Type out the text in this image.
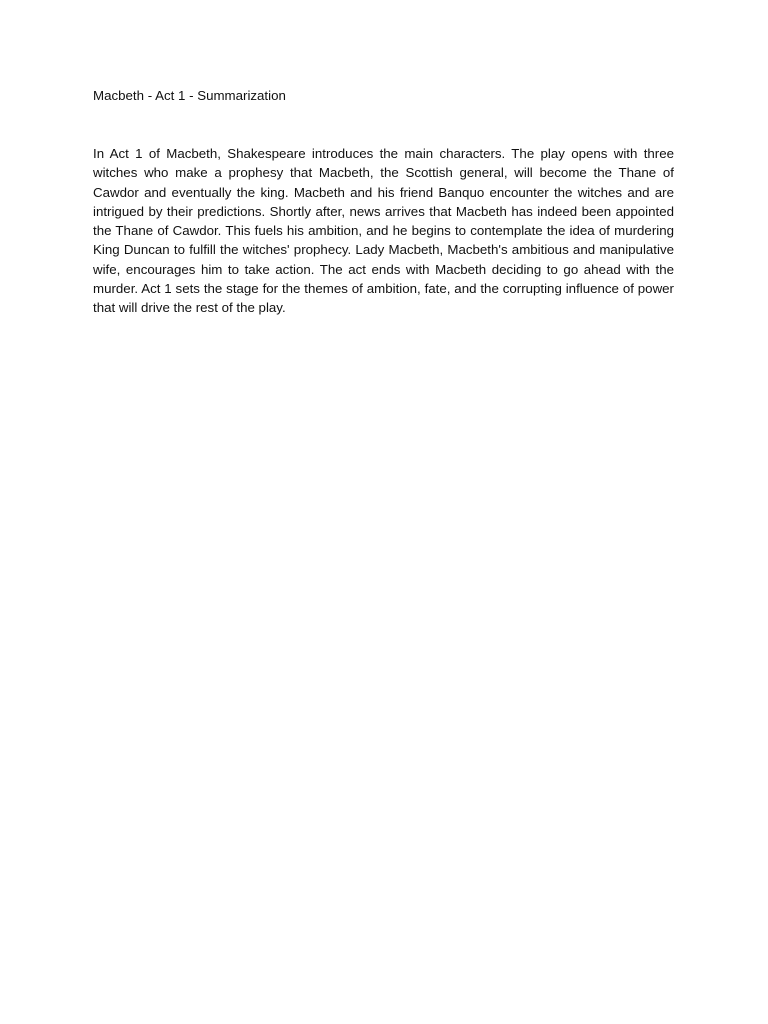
Macbeth - Act 1 - Summarization

In Act 1 of Macbeth, Shakespeare introduces the main characters. The play opens with three witches who make a prophesy that Macbeth, the Scottish general, will become the Thane of Cawdor and eventually the king. Macbeth and his friend Banquo encounter the witches and are intrigued by their predictions. Shortly after, news arrives that Macbeth has indeed been appointed the Thane of Cawdor. This fuels his ambition, and he begins to contemplate the idea of murdering King Duncan to fulfill the witches' prophecy. Lady Macbeth, Macbeth's ambitious and manipulative wife, encourages him to take action. The act ends with Macbeth deciding to go ahead with the murder. Act 1 sets the stage for the themes of ambition, fate, and the corrupting influence of power that will drive the rest of the play.
